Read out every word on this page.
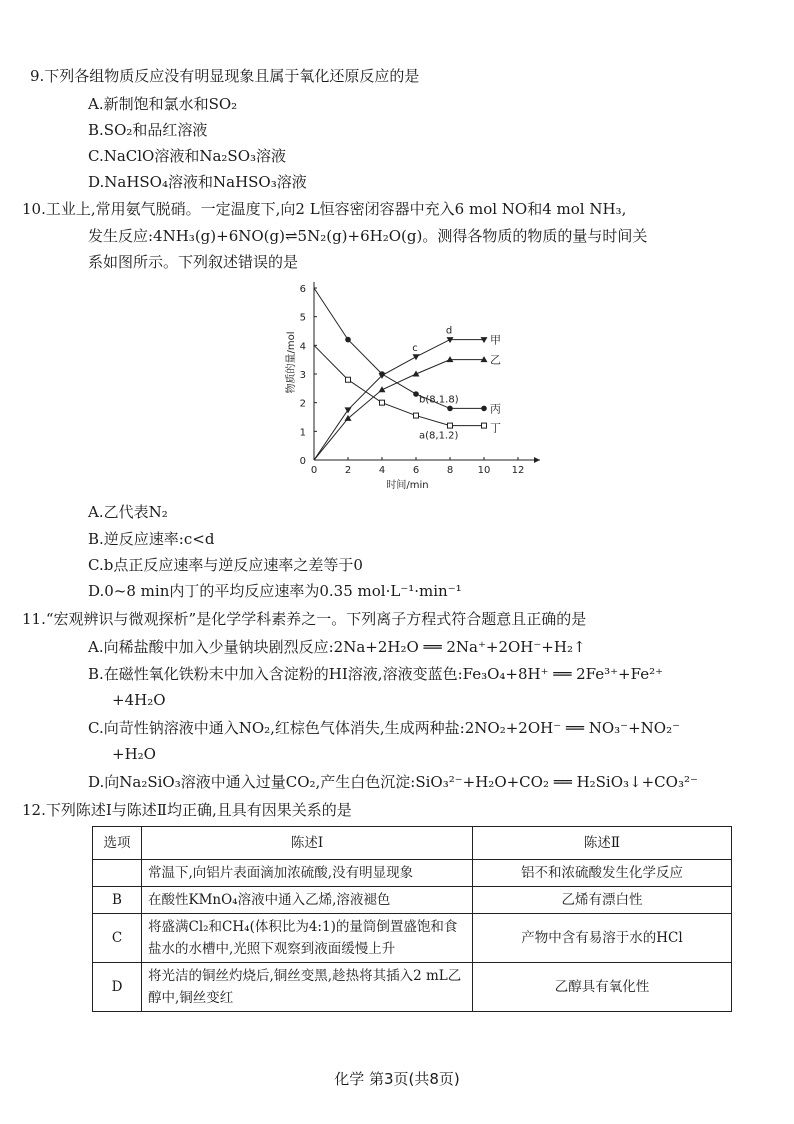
9.下列各组物质反应没有明显现象且属于氧化还原反应的是
A.新制饱和氯水和SO₂
B.SO₂和品红溶液
C.NaClO溶液和Na₂SO₃溶液
D.NaHSO₄溶液和NaHSO₃溶液
10.工业上,常用氨气脱硝。一定温度下,向2 L恒容密闭容器中充入6 mol NO和4 mol NH₃,
发生反应:4NH₃(g)+6NO(g)⇌5N₂(g)+6H₂O(g)。测得各物质的物质的量与时间关
系如图所示。下列叙述错误的是
0	2	4	6	8 10 12
0
1
2
3
4
5
6
时间/min
物质的量/mol	甲
乙
丙
丁
d
c
b(8,1.8)
a(8,1.2)
A.乙代表N₂
B.逆反应速率:c<d
C.b点正反应速率与逆反应速率之差等于0
D.0~8 min内丁的平均反应速率为0.35 mol·L⁻¹·min⁻¹
11.“宏观辨识与微观探析”是化学学科素养之一。下列离子方程式符合题意且正确的是
A.向稀盐酸中加入少量钠块剧烈反应:2Na+2H₂O ══ 2Na⁺+2OH⁻+H₂↑
B.在磁性氧化铁粉末中加入含淀粉的HI溶液,溶液变蓝色:Fe₃O₄+8H⁺ ══ 2Fe³⁺+Fe²⁺
+4H₂O
C.向苛性钠溶液中通入NO₂,红棕色气体消失,生成两种盐:2NO₂+2OH⁻ ══ NO₃⁻+NO₂⁻
+H₂O
D.向Na₂SiO₃溶液中通入过量CO₂,产生白色沉淀:SiO₃²⁻+H₂O+CO₂ ══ H₂SiO₃↓+CO₃²⁻
12.下列陈述Ⅰ与陈述Ⅱ均正确,且具有因果关系的是
选项	陈述Ⅰ	陈述Ⅱ
	常温下,向铝片表面滴加浓硫酸,没有明显现象	铝不和浓硫酸发生化学反应
B	在酸性KMnO₄溶液中通入乙烯,溶液褪色	乙烯有漂白性
C	将盛满Cl₂和CH₄(体积比为4:1)的量筒倒置盛饱和食盐水的水槽中,光照下观察到液面缓慢上升	产物中含有易溶于水的HCl
D	将光洁的铜丝灼烧后,铜丝变黑,趁热将其插入2 mL乙醇中,铜丝变红	乙醇具有氧化性
化学 第3页(共8页)
